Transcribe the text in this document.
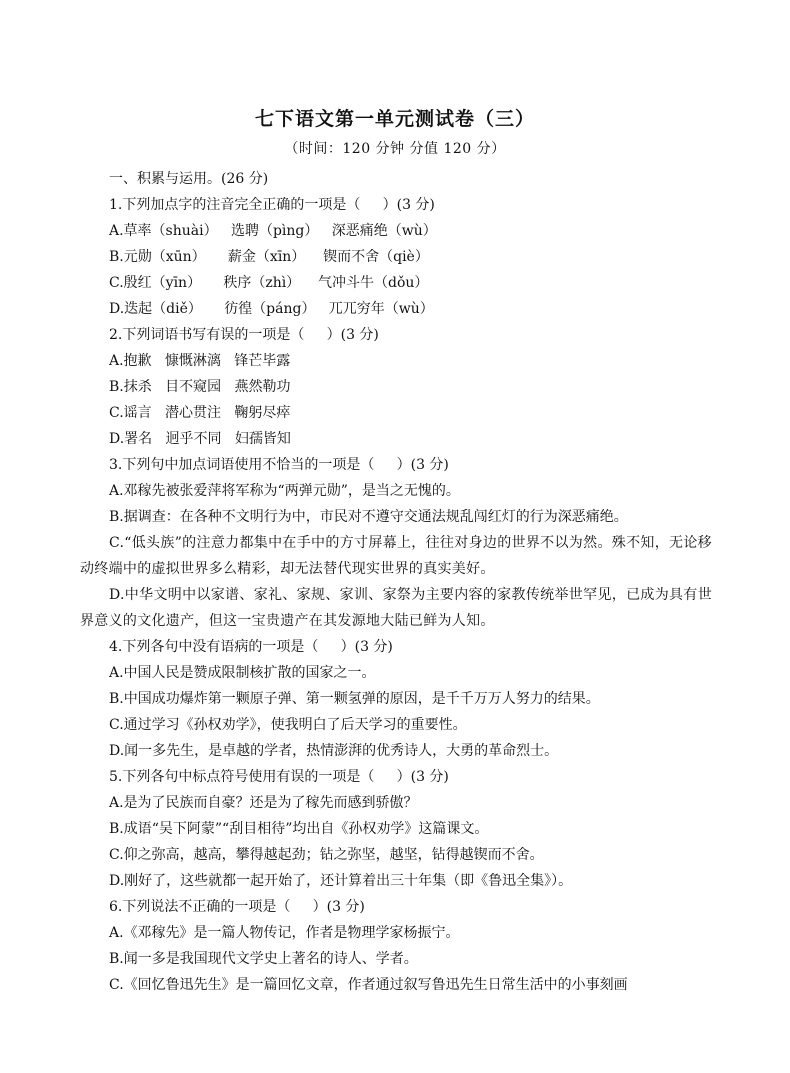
七下语文第一单元测试卷（三）
（时间：120 分钟 分值 120 分）

一、积累与运用。(26 分)

1.下列加点字的注音完全正确的一项是（     ）(3 分)

A.草率（shuài）   选聘（pìng）   深恶痛绝（wù）

B.元勋（xūn）     薪金（xīn）    锲而不舍（qiè）

C.殷红（yīn）     秩序（zhì）    气冲斗牛（dǒu）

D.迭起（diě）     彷徨（páng）   兀兀穷年（wù）

2.下列词语书写有误的一项是（     ）(3 分)

A.抱歉   慷慨淋漓   锋芒毕露

B.抹杀   目不窥园   燕然勒功

C.谣言   潜心贯注   鞠躬尽瘁

D.署名   迥乎不同   妇孺皆知

3.下列句中加点词语使用不恰当的一项是（     ）(3 分)

A.邓稼先被张爱萍将军称为“两弹元勋”，是当之无愧的。

B.据调查：在各种不文明行为中，市民对不遵守交通法规乱闯红灯的行为深恶痛绝。

C.“低头族”的注意力都集中在手中的方寸屏幕上，往往对身边的世界不以为然。殊不知，无论移动终端中的虚拟世界多么精彩，却无法替代现实世界的真实美好。

D.中华文明中以家谱、家礼、家规、家训、家祭为主要内容的家教传统举世罕见，已成为具有世界意义的文化遗产，但这一宝贵遗产在其发源地大陆已鲜为人知。

4.下列各句中没有语病的一项是（     ）(3 分)

A.中国人民是赞成限制核扩散的国家之一。

B.中国成功爆炸第一颗原子弹、第一颗氢弹的原因，是千千万万人努力的结果。

C.通过学习《孙权劝学》，使我明白了后天学习的重要性。

D.闻一多先生，是卓越的学者，热情澎湃的优秀诗人，大勇的革命烈士。

5.下列各句中标点符号使用有误的一项是（     ）(3 分)

A.是为了民族而自豪？还是为了稼先而感到骄傲？

B.成语“吴下阿蒙”“刮目相待”均出自《孙权劝学》这篇课文。

C.仰之弥高，越高，攀得越起劲；钻之弥坚，越坚，钻得越锲而不舍。

D.刚好了，这些就都一起开始了，还计算着出三十年集（即《鲁迅全集》）。

6.下列说法不正确的一项是（     ）(3 分)

A.《邓稼先》是一篇人物传记，作者是物理学家杨振宁。

B.闻一多是我国现代文学史上著名的诗人、学者。

C.《回忆鲁迅先生》是一篇回忆文章，作者通过叙写鲁迅先生日常生活中的小事刻画
